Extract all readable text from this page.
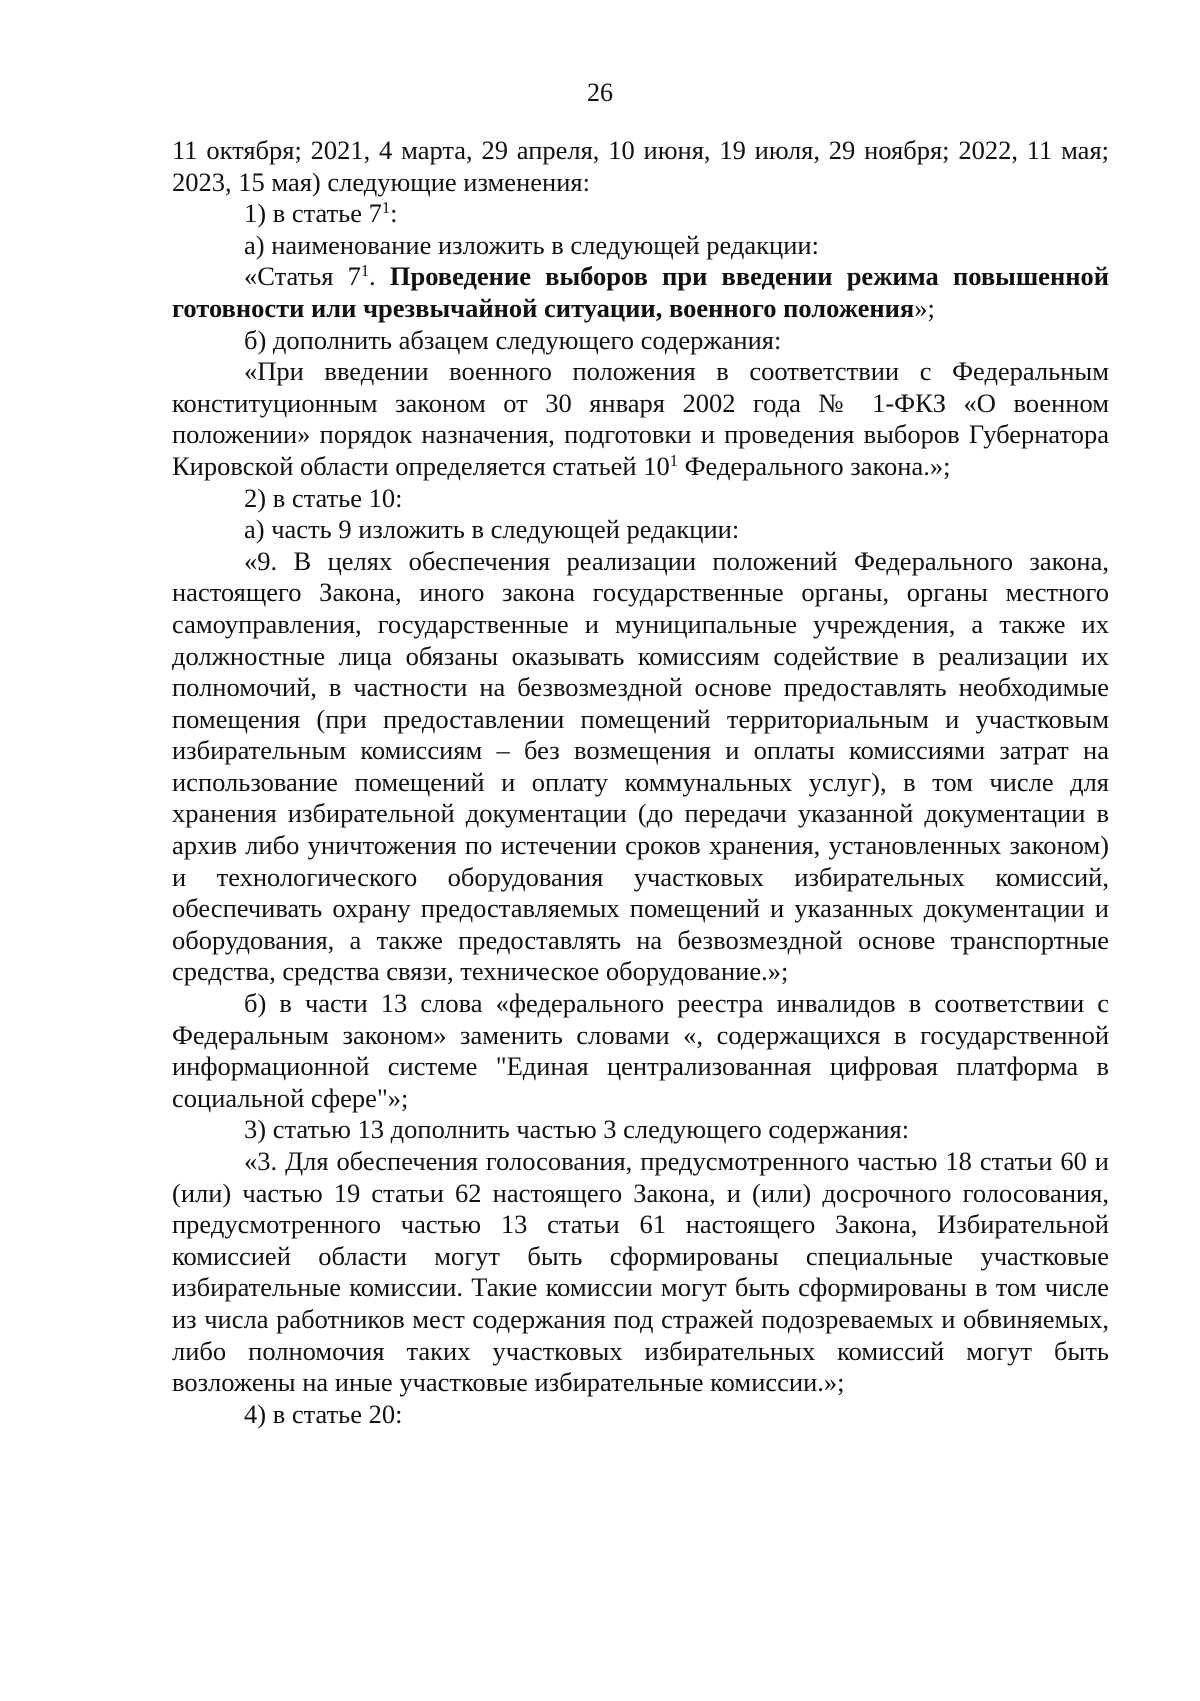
26

11 октября; 2021, 4 марта, 29 апреля, 10 июня, 19 июля, 29 ноября; 2022, 11 мая; 2023, 15 мая) следующие изменения:

1) в статье $7^1$:

а) наименование изложить в следующей редакции:

«Статья $7^1$. Проведение выборов при введении режима повышенной готовности или чрезвычайной ситуации, военного положения»;

б) дополнить абзацем следующего содержания:

«При введении военного положения в соответствии с Федеральным конституционным законом от 30 января 2002 года № 1-ФКЗ «О военном положении» порядок назначения, подготовки и проведения выборов Губернатора Кировской области определяется статьей $10^1$ Федерального закона.»;

2) в статье 10:

а) часть 9 изложить в следующей редакции:

«9. В целях обеспечения реализации положений Федерального закона, настоящего Закона, иного закона государственные органы, органы местного самоуправления, государственные и муниципальные учреждения, а также их должностные лица обязаны оказывать комиссиям содействие в реализации их полномочий, в частности на безвозмездной основе предоставлять необходимые помещения (при предоставлении помещений территориальным и участковым избирательным комиссиям – без возмещения и оплаты комиссиями затрат на использование помещений и оплату коммунальных услуг), в том числе для хранения избирательной документации (до передачи указанной документации в архив либо уничтожения по истечении сроков хранения, установленных законом) и технологического оборудования участковых избирательных комиссий, обеспечивать охрану предоставляемых помещений и указанных документации и оборудования, а также предоставлять на безвозмездной основе транспортные средства, средства связи, техническое оборудование.»;

б) в части 13 слова «федерального реестра инвалидов в соответствии с Федеральным законом» заменить словами «, содержащихся в государственной информационной системе "Единая централизованная цифровая платформа в социальной сфере"»;

3) статью 13 дополнить частью 3 следующего содержания:

«3. Для обеспечения голосования, предусмотренного частью 18 статьи 60 и (или) частью 19 статьи 62 настоящего Закона, и (или) досрочного голосования, предусмотренного частью 13 статьи 61 настоящего Закона, Избирательной комиссией области могут быть сформированы специальные участковые избирательные комиссии. Такие комиссии могут быть сформированы в том числе из числа работников мест содержания под стражей подозреваемых и обвиняемых, либо полномочия таких участковых избирательных комиссий могут быть возложены на иные участковые избирательные комиссии.»;

4) в статье 20:
